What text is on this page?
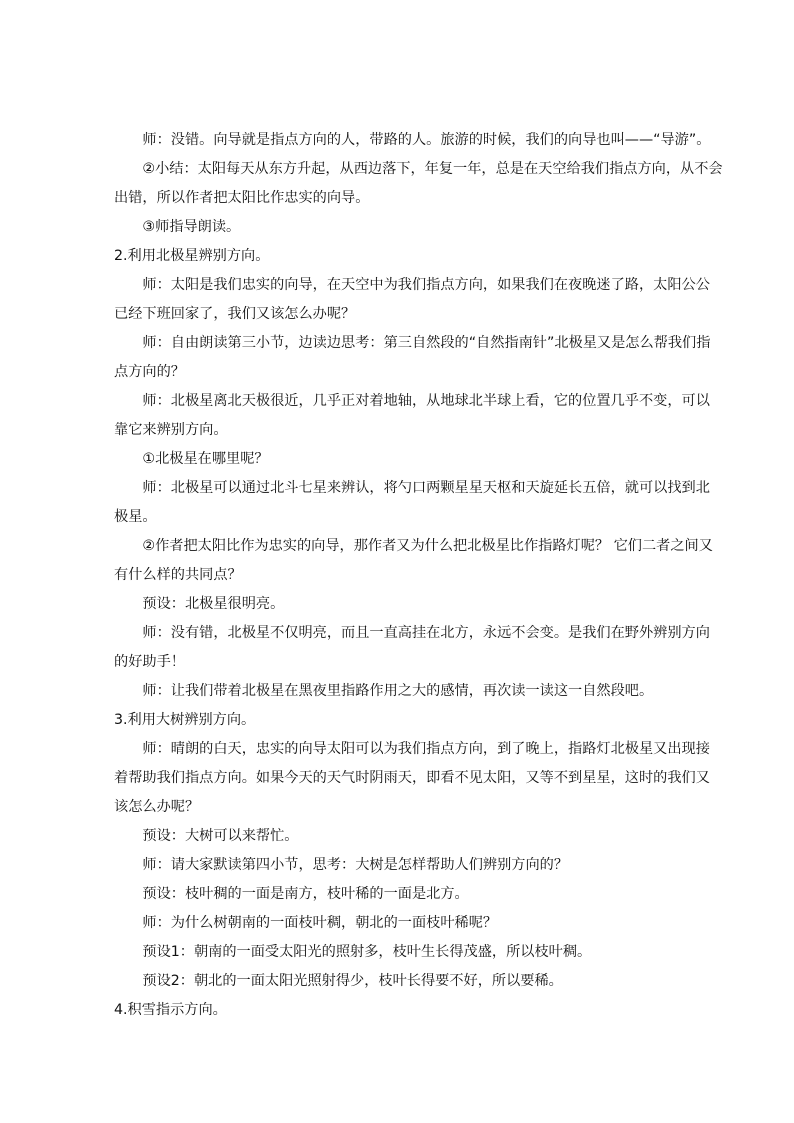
师：没错。向导就是指点方向的人，带路的人。旅游的时候，我们的向导也叫——“导游”。

②小结：太阳每天从东方升起，从西边落下，年复一年，总是在天空给我们指点方向，从不会出错，所以作者把太阳比作忠实的向导。

③师指导朗读。

2.利用北极星辨别方向。

师：太阳是我们忠实的向导，在天空中为我们指点方向，如果我们在夜晚迷了路，太阳公公已经下班回家了，我们又该怎么办呢？

师：自由朗读第三小节，边读边思考：第三自然段的“自然指南针”北极星又是怎么帮我们指点方向的？

师：北极星离北天极很近，几乎正对着地轴，从地球北半球上看，它的位置几乎不变，可以靠它来辨别方向。

①北极星在哪里呢？

师：北极星可以通过北斗七星来辨认，将勺口两颗星星天枢和天旋延长五倍，就可以找到北极星。

②作者把太阳比作为忠实的向导，那作者又为什么把北极星比作指路灯呢？ 它们二者之间又有什么样的共同点？

预设：北极星很明亮。

师：没有错，北极星不仅明亮，而且一直高挂在北方，永远不会变。是我们在野外辨别方向的好助手！

师：让我们带着北极星在黑夜里指路作用之大的感情，再次读一读这一自然段吧。

3.利用大树辨别方向。

师：晴朗的白天，忠实的向导太阳可以为我们指点方向，到了晚上，指路灯北极星又出现接着帮助我们指点方向。如果今天的天气时阴雨天，即看不见太阳，又等不到星星，这时的我们又该怎么办呢？

预设：大树可以来帮忙。

师：请大家默读第四小节，思考：大树是怎样帮助人们辨别方向的？

预设：枝叶稠的一面是南方，枝叶稀的一面是北方。

师：为什么树朝南的一面枝叶稠，朝北的一面枝叶稀呢？

预设1：朝南的一面受太阳光的照射多，枝叶生长得茂盛，所以枝叶稠。

预设2：朝北的一面太阳光照射得少，枝叶长得要不好，所以要稀。

4.积雪指示方向。
